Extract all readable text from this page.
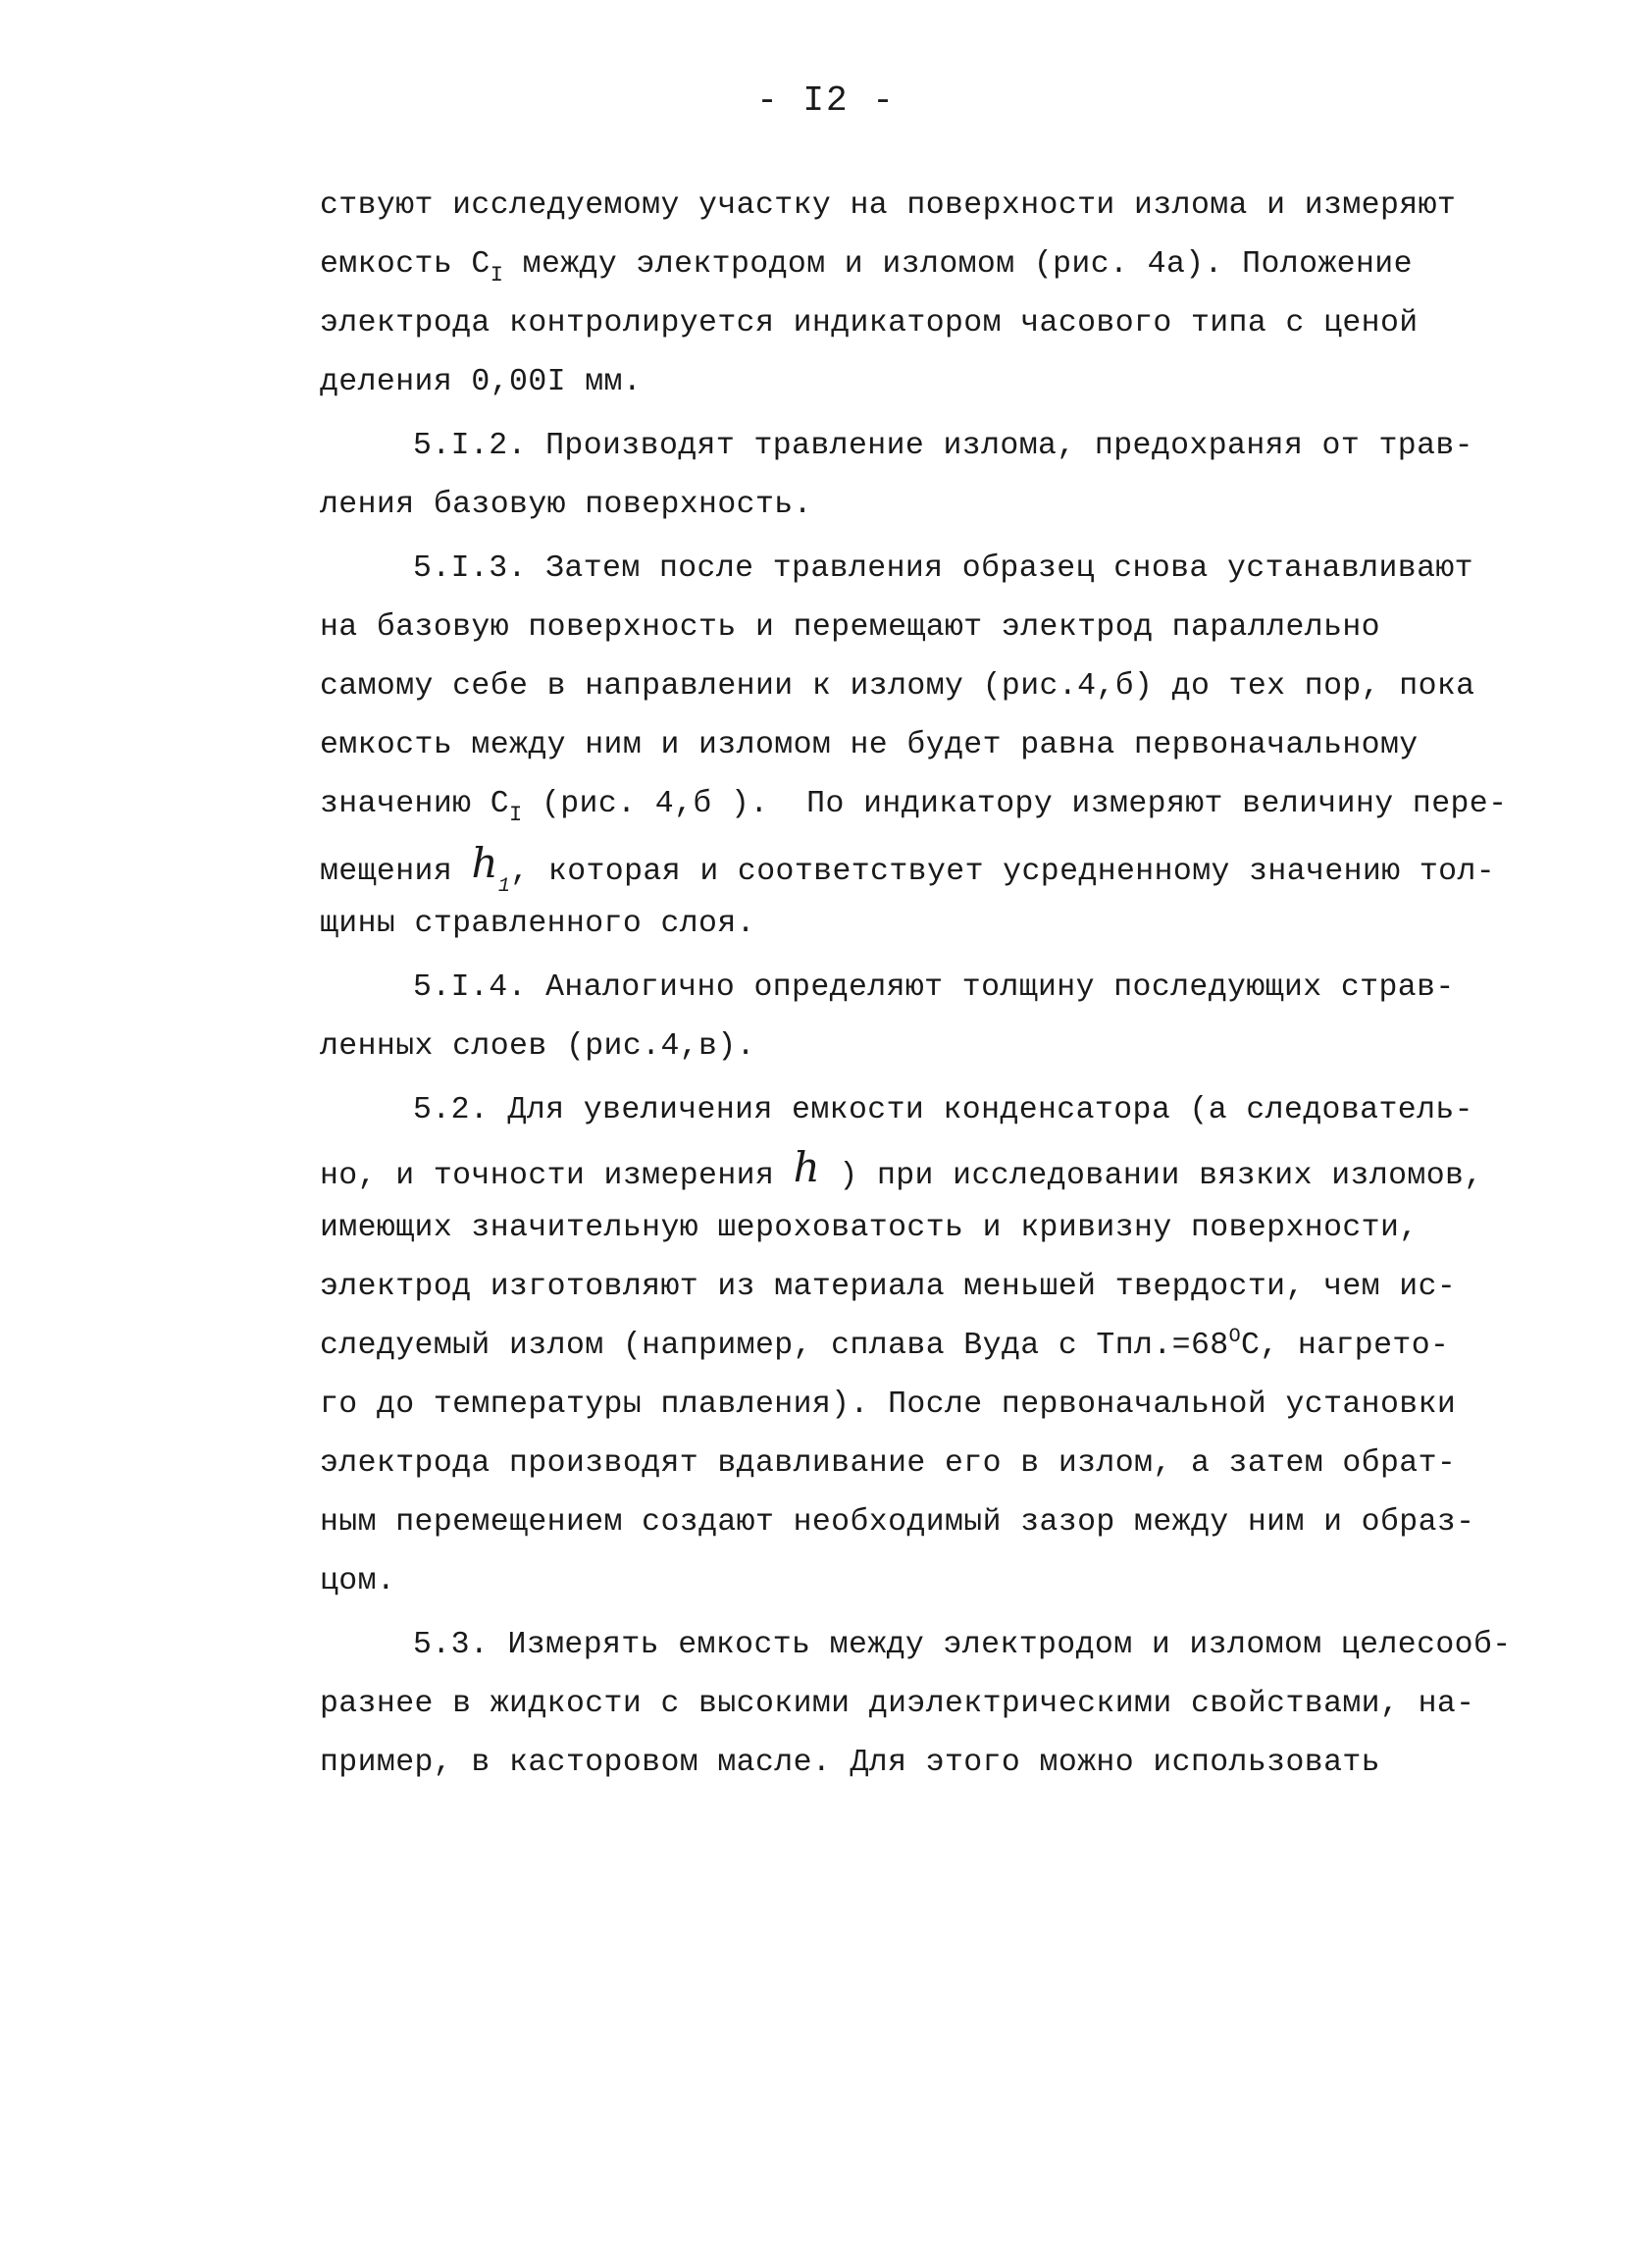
- I2 -
ствуют исследуемому участку на поверхности излома и измеряют
емкость $С_I$ между электродом и изломом (рис. 4а). Положение
электрода контролируется индикатором часового типа с ценой
деления 0,00I мм.
5.I.2. Производят травление излома, предохраняя от трав-
ления базовую поверхность.
5.I.3. Затем после травления образец снова устанавливают
на базовую поверхность и перемещают электрод параллельно
самому себе в направлении к излому (рис.4,б) до тех пор, пока
емкость между ним и изломом не будет равна первоначальному
значению $С_I$ (рис. 4,б ).  По индикатору измеряют величину пере-
мещения $h_1$, которая и соответствует усредненному значению тол-
щины стравленного слоя.
5.I.4. Аналогично определяют толщину последующих страв-
ленных слоев (рис.4,в).
5.2. Для увеличения емкости конденсатора (а следователь-
но, и точности измерения h ) при исследовании вязких изломов,
имеющих значительную шероховатость и кривизну поверхности,
электрод изготовляют из материала меньшей твердости, чем ис-
следуемый излом (например, сплава Вуда с $Тпл.=68^ОС$, нагрето-
го до температуры плавления). После первоначальной установки
электрода производят вдавливание его в излом, а затем обрат-
ным перемещением создают необходимый зазор между ним и образ-
цом.
5.3. Измерять емкость между электродом и изломом целесооб-
разнее в жидкости с высокими диэлектрическими свойствами, на-
пример, в касторовом масле. Для этого можно использовать
